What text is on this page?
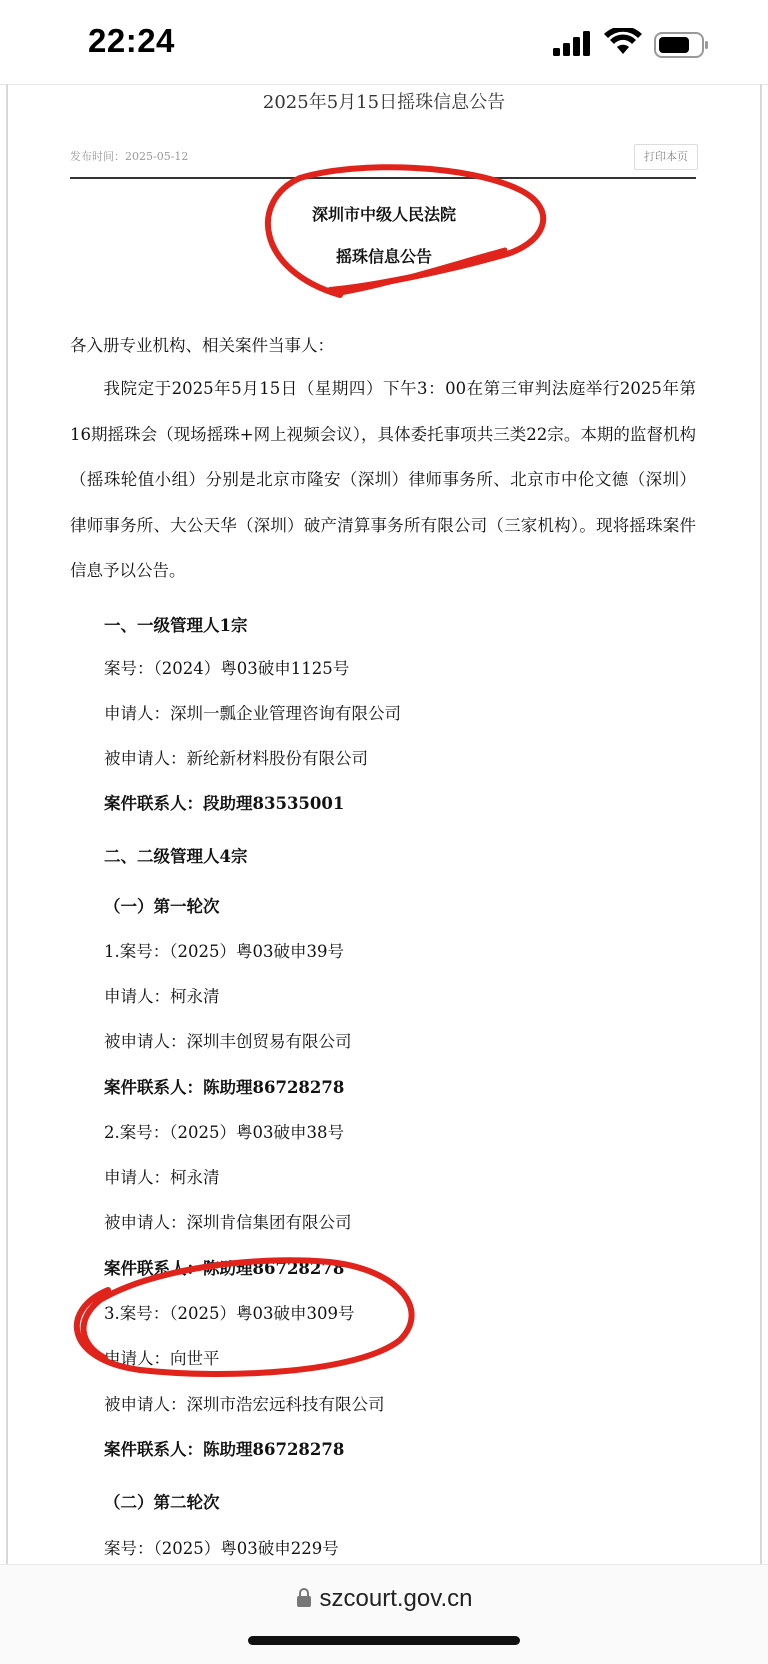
22:24
2025年5月15日摇珠信息公告
发布时间：2025-05-12	打印本页
深圳市中级人民法院
摇珠信息公告
各入册专业机构、相关案件当事人：
我院定于2025年5月15日（星期四）下午3：00在第三审判法庭举行2025年第16期摇珠会（现场摇珠+网上视频会议），具体委托事项共三类22宗。本期的监督机构（摇珠轮值小组）分别是北京市隆安（深圳）律师事务所、北京市中伦文德（深圳）律师事务所、大公天华（深圳）破产清算事务所有限公司（三家机构）。现将摇珠案件信息予以公告。
一、一级管理人1宗
案号：（2024）粤03破申1125号
申请人：深圳一瓢企业管理咨询有限公司
被申请人：新纶新材料股份有限公司
案件联系人：段助理83535001
二、二级管理人4宗
（一）第一轮次
1.案号：（2025）粤03破申39号
申请人：柯永清
被申请人：深圳丰创贸易有限公司
案件联系人：陈助理86728278
2.案号：（2025）粤03破申38号
申请人：柯永清
被申请人：深圳肯信集团有限公司
案件联系人：陈助理86728278
3.案号：（2025）粤03破申309号
申请人：向世平
被申请人：深圳市浩宏远科技有限公司
案件联系人：陈助理86728278
（二）第二轮次
案号：（2025）粤03破申229号
szcourt.gov.cn
